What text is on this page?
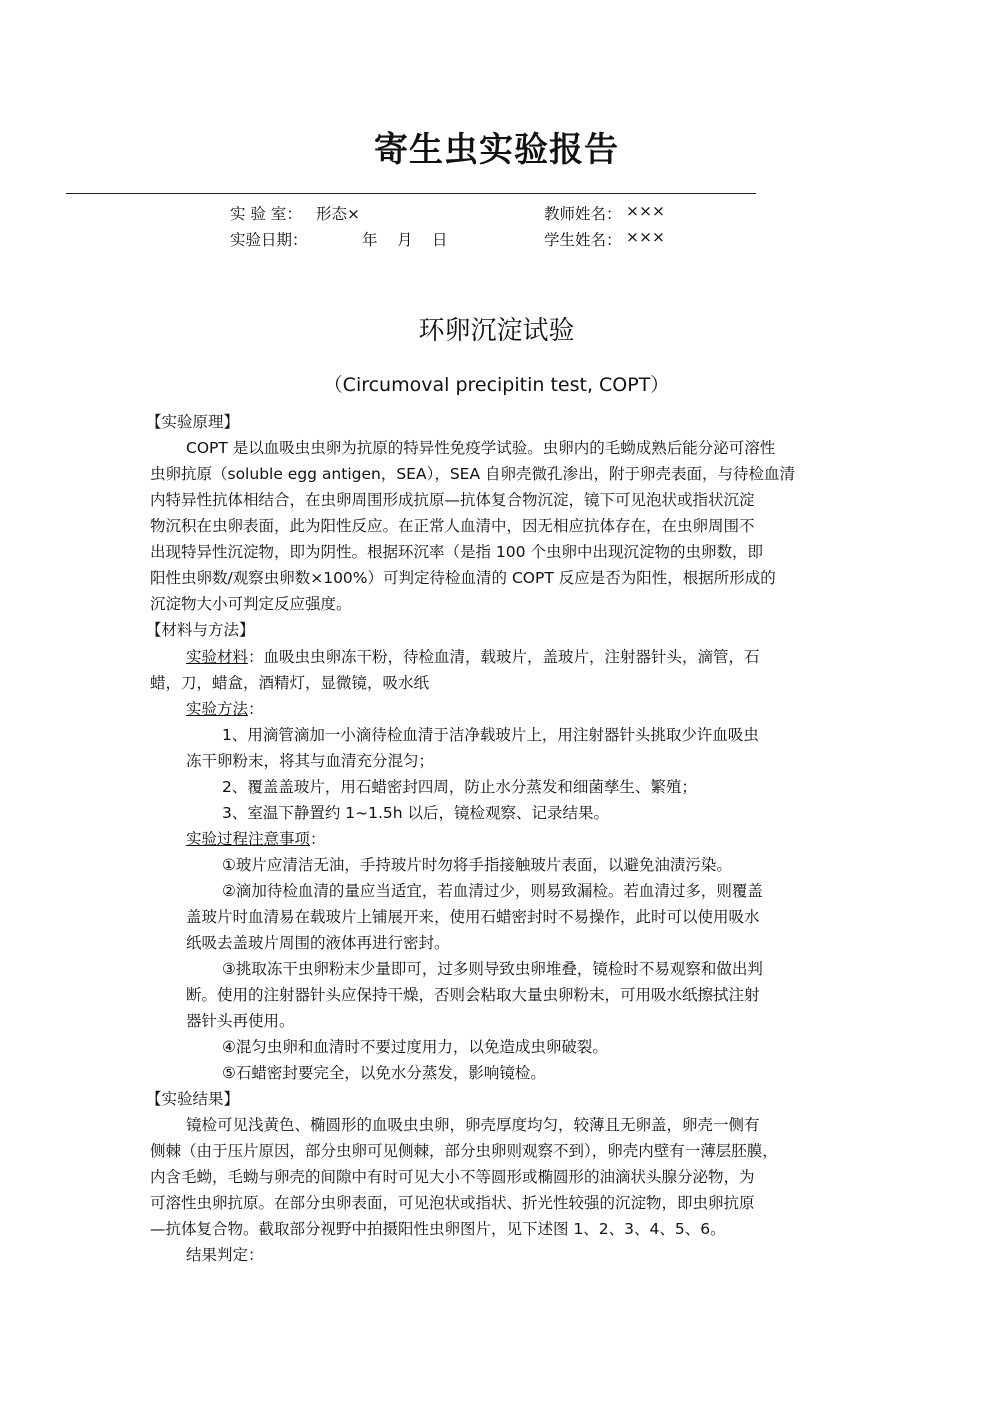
寄生虫实验报告
实 验 室： 形态×	教师姓名： ×××
实验日期：	年 月 日	学生姓名： ×××
环卵沉淀试验
（Circumoval precipitin test, COPT）
【实验原理】
COPT 是以血吸虫虫卵为抗原的特异性免疫学试验。虫卵内的毛蚴成熟后能分泌可溶性
虫卵抗原（soluble egg antigen，SEA），SEA 自卵壳微孔渗出，附于卵壳表面，与待检血清
内特异性抗体相结合，在虫卵周围形成抗原—抗体复合物沉淀，镜下可见泡状或指状沉淀
物沉积在虫卵表面，此为阳性反应。在正常人血清中，因无相应抗体存在，在虫卵周围不
出现特异性沉淀物，即为阴性。根据环沉率（是指 100 个虫卵中出现沉淀物的虫卵数，即
阳性虫卵数/观察虫卵数×100%）可判定待检血清的 COPT 反应是否为阳性，根据所形成的
沉淀物大小可判定反应强度。
【材料与方法】
实验材料：血吸虫虫卵冻干粉，待检血清，载玻片，盖玻片，注射器针头，滴管，石
蜡，刀，蜡盒，酒精灯，显微镜，吸水纸
实验方法：
1、用滴管滴加一小滴待检血清于洁净载玻片上，用注射器针头挑取少许血吸虫
冻干卵粉末，将其与血清充分混匀；
2、覆盖盖玻片，用石蜡密封四周，防止水分蒸发和细菌孳生、繁殖；
3、室温下静置约 1~1.5h 以后，镜检观察、记录结果。
实验过程注意事项：
①玻片应清洁无油，手持玻片时勿将手指接触玻片表面，以避免油渍污染。
②滴加待检血清的量应当适宜，若血清过少，则易致漏检。若血清过多，则覆盖
盖玻片时血清易在载玻片上铺展开来，使用石蜡密封时不易操作，此时可以使用吸水
纸吸去盖玻片周围的液体再进行密封。
③挑取冻干虫卵粉末少量即可，过多则导致虫卵堆叠，镜检时不易观察和做出判
断。使用的注射器针头应保持干燥，否则会粘取大量虫卵粉末，可用吸水纸擦拭注射
器针头再使用。
④混匀虫卵和血清时不要过度用力，以免造成虫卵破裂。
⑤石蜡密封要完全，以免水分蒸发，影响镜检。
【实验结果】
镜检可见浅黄色、椭圆形的血吸虫虫卵，卵壳厚度均匀，较薄且无卵盖，卵壳一侧有
侧棘（由于压片原因，部分虫卵可见侧棘，部分虫卵则观察不到），卵壳内壁有一薄层胚膜，
内含毛蚴，毛蚴与卵壳的间隙中有时可见大小不等圆形或椭圆形的油滴状头腺分泌物，为
可溶性虫卵抗原。在部分虫卵表面，可见泡状或指状、折光性较强的沉淀物，即虫卵抗原
—抗体复合物。截取部分视野中拍摄阳性虫卵图片，见下述图 1、2、3、4、5、6。
结果判定：
